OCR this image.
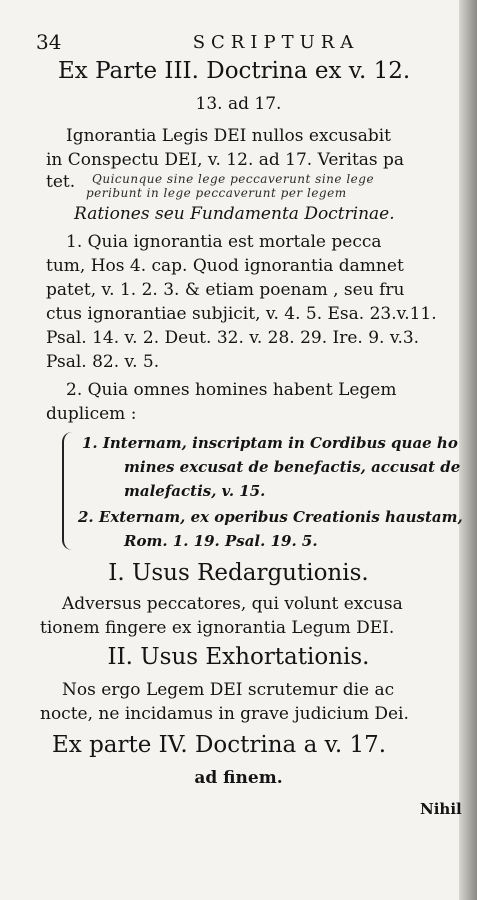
34	SCRIPTURA
Ex Parte III. Doctrina ex v. 12.
13. ad 17.
Ignorantia Legis DEI nullos excusabit
in Conspectu DEI, v. 12. ad 17. Veritas pa
tet. Quicunque sine lege peccaverunt sine lege
peribunt in lege peccaverunt per legem
Rationes seu Fundamenta Doctrinae.
1. Quia ignorantia est mortale pecca
tum, Hos 4. cap. Quod ignorantia damnet
patet, v. 1. 2. 3. & etiam poenam , seu fru
ctus ignorantiae subjicit, v. 4. 5. Esa. 23.v.11.
Psal. 14. v. 2. Deut. 32. v. 28. 29. Ire. 9. v.3.
Psal. 82. v. 5.
2. Quia omnes homines habent Legem
duplicem :
1. Internam, inscriptam in Cordibus quae ho
mines excusat de benefactis, accusat de
malefactis, v. 15.
2. Externam, ex operibus Creationis haustam,
Rom. 1. 19. Psal. 19. 5.
I. Usus Redargutionis.
Adversus peccatores, qui volunt excusa
tionem fingere ex ignorantia Legum DEI.
II. Usus Exhortationis.
Nos ergo Legem DEI scrutemur die ac
nocte, ne incidamus in grave judicium Dei.
Ex parte IV. Doctrina a v. 17.
ad finem.
Nihil
